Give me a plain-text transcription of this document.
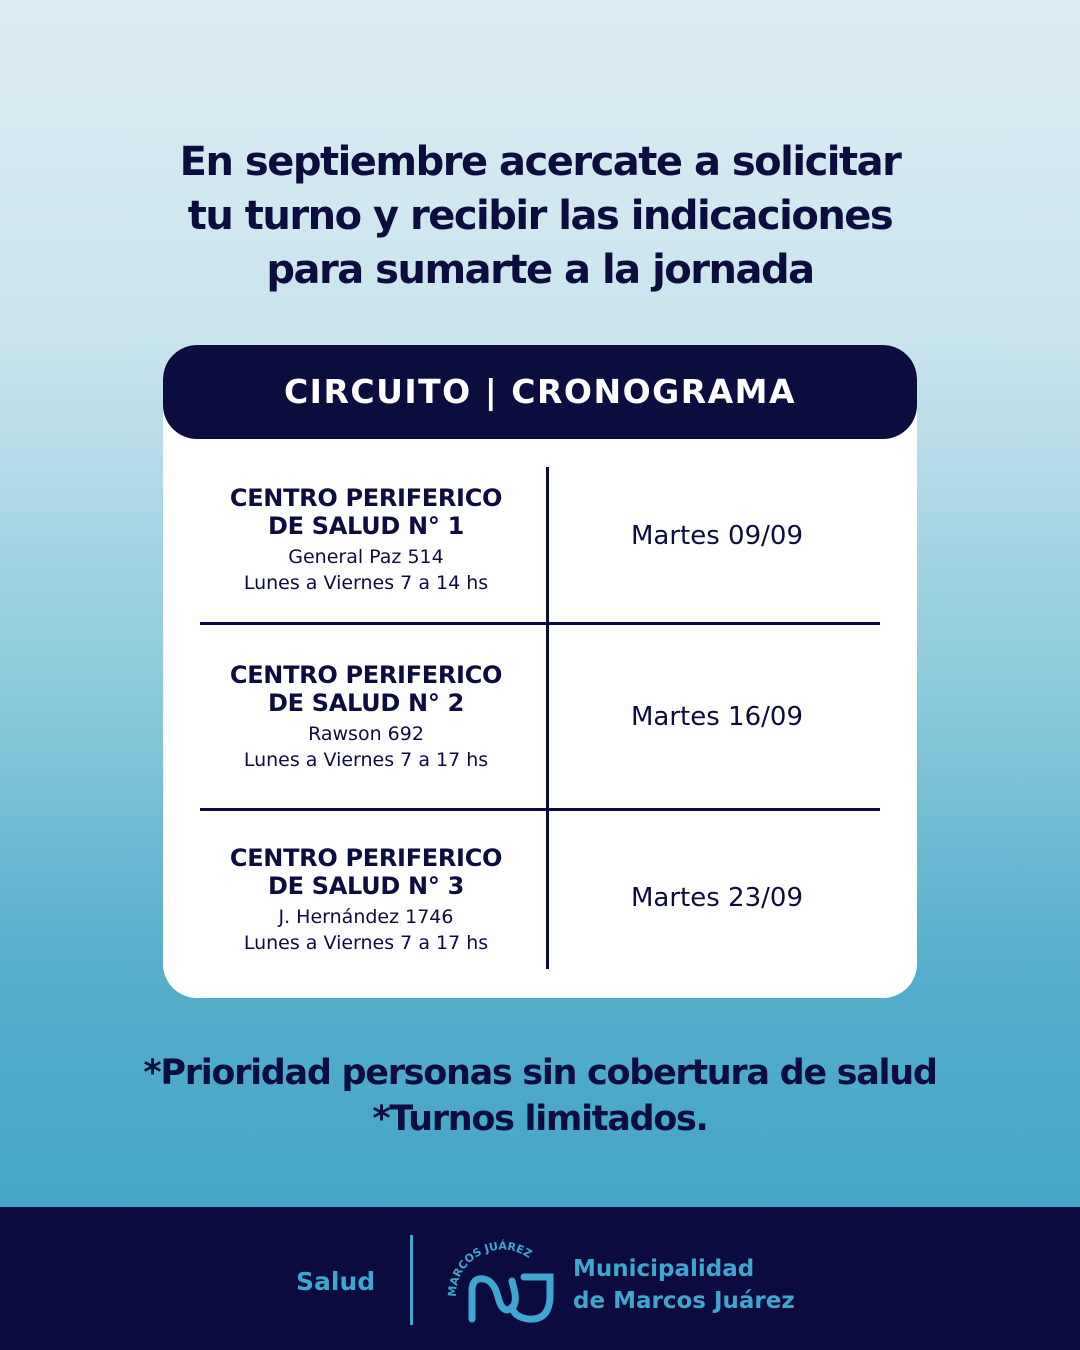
En septiembre acercate a solicitar
tu turno y recibir las indicaciones
para sumarte a la jornada
CIRCUITO | CRONOGRAMA
CENTRO PERIFERICO
DE SALUD N° 1
General Paz 514
Lunes a Viernes 7 a 14 hs
Martes 09/09
CENTRO PERIFERICO
DE SALUD N° 2
Rawson 692
Lunes a Viernes 7 a 17 hs
Martes 16/09
CENTRO PERIFERICO
DE SALUD N° 3
J. Hernández 1746
Lunes a Viernes 7 a 17 hs
Martes 23/09
*Prioridad personas sin cobertura de salud
*Turnos limitados.
Salud	MARCOS JUÁREZ
Municipalidad
de Marcos Juárez
